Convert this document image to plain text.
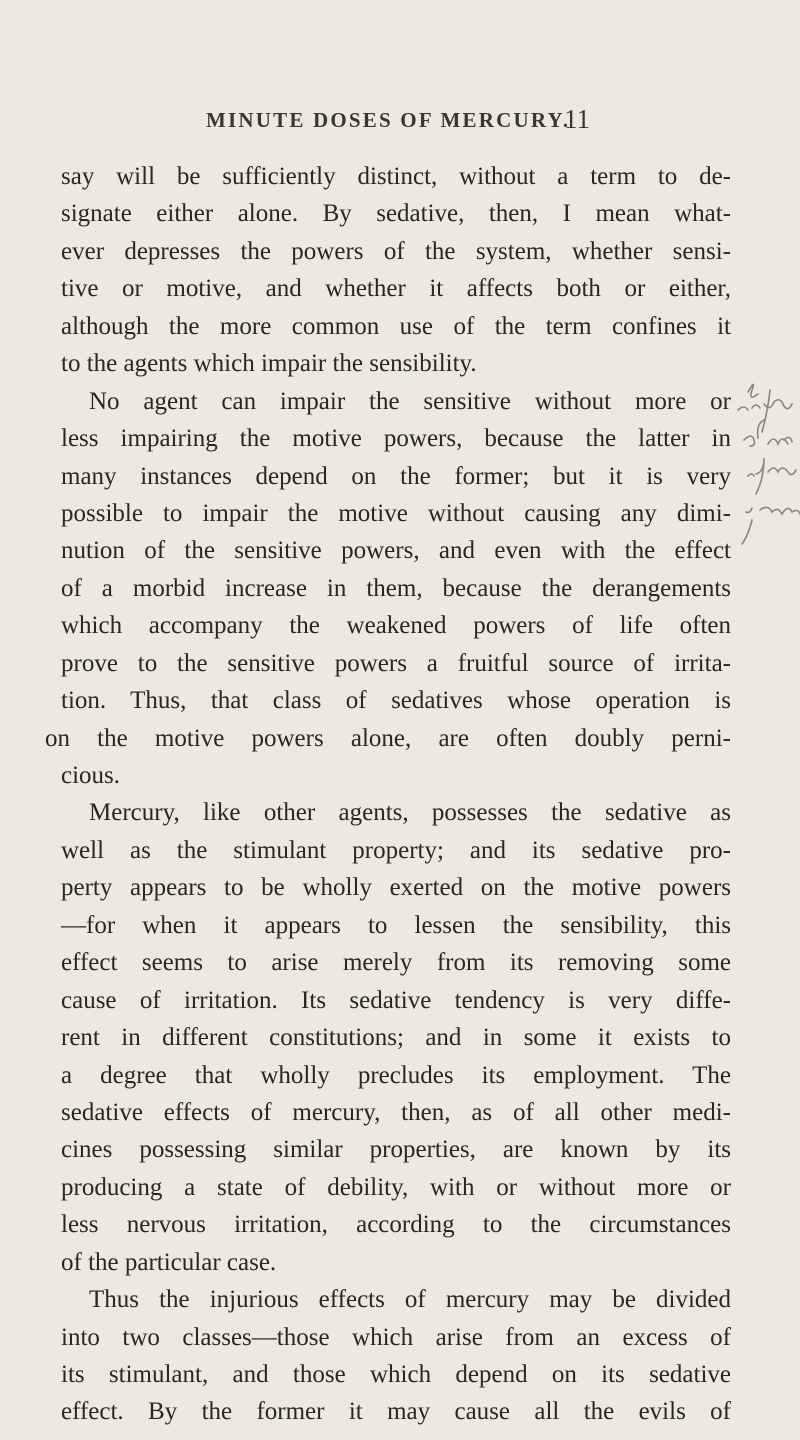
MINUTE DOSES OF MERCURY.
11
say will be sufficiently distinct, without a term to de-
signate either alone. By sedative, then, I mean what-
ever depresses the powers of the system, whether sensi-
tive or motive, and whether it affects both or either,
although the more common use of the term confines it
to the agents which impair the sensibility.
No agent can impair the sensitive without more or
less impairing the motive powers, because the latter in
many instances depend on the former; but it is very
possible to impair the motive without causing any dimi-
nution of the sensitive powers, and even with the effect
of a morbid increase in them, because the derangements
which accompany the weakened powers of life often
prove to the sensitive powers a fruitful source of irrita-
tion. Thus, that class of sedatives whose operation is
on the motive powers alone, are often doubly perni-
cious.
Mercury, like other agents, possesses the sedative as
well as the stimulant property; and its sedative pro-
perty appears to be wholly exerted on the motive powers
—for when it appears to lessen the sensibility, this
effect seems to arise merely from its removing some
cause of irritation. Its sedative tendency is very diffe-
rent in different constitutions; and in some it exists to
a degree that wholly precludes its employment. The
sedative effects of mercury, then, as of all other medi-
cines possessing similar properties, are known by its
producing a state of debility, with or without more or
less nervous irritation, according to the circumstances
of the particular case.
Thus the injurious effects of mercury may be divided
into two classes—those which arise from an excess of
its stimulant, and those which depend on its sedative
effect. By the former it may cause all the evils of
